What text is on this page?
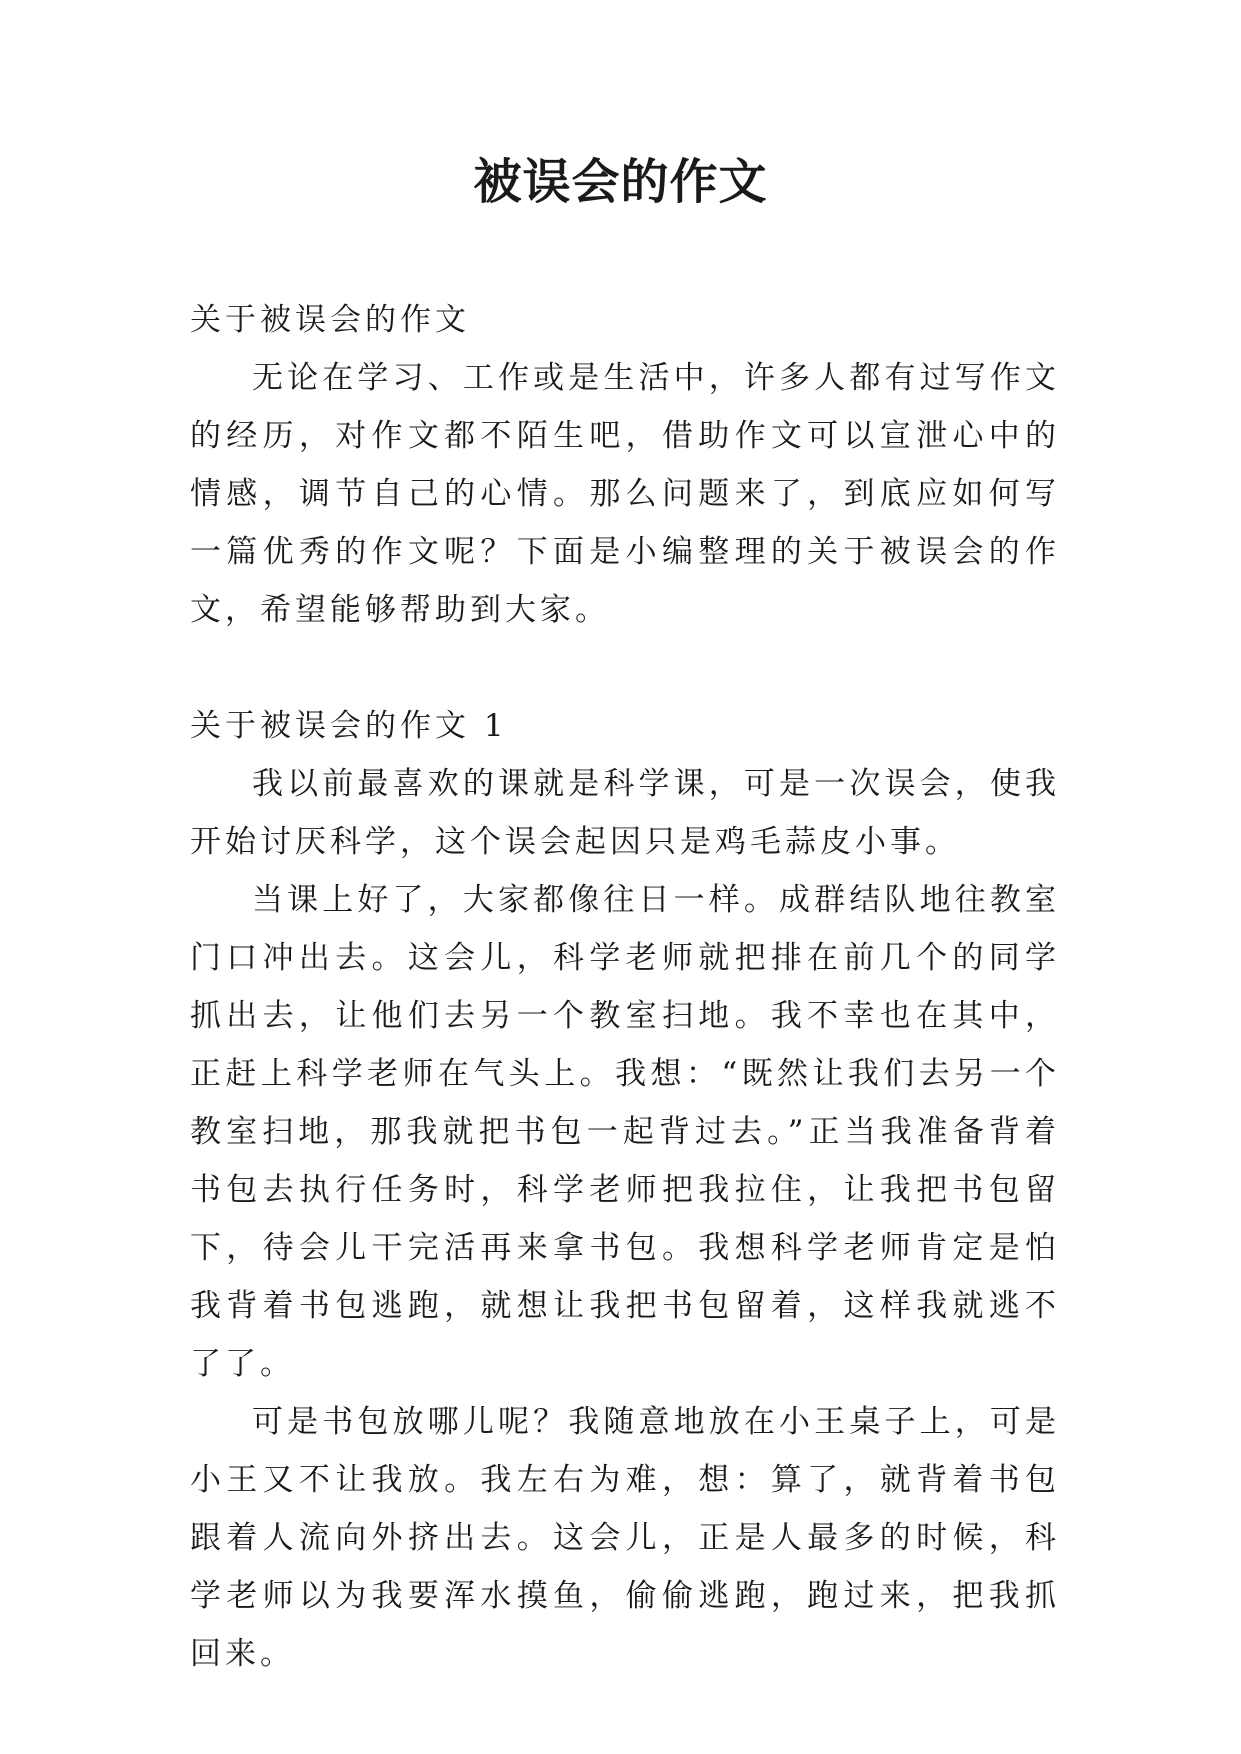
被误会的作文

关于被误会的作文

无论在学习、工作或是生活中，许多人都有过写作文的经历，对作文都不陌生吧，借助作文可以宣泄心中的情感，调节自己的心情。那么问题来了，到底应如何写一篇优秀的作文呢？下面是小编整理的关于被误会的作文，希望能够帮助到大家。

关于被误会的作文 1

我以前最喜欢的课就是科学课，可是一次误会，使我开始讨厌科学，这个误会起因只是鸡毛蒜皮小事。

当课上好了，大家都像往日一样。成群结队地往教室门口冲出去。这会儿，科学老师就把排在前几个的同学抓出去，让他们去另一个教室扫地。我不幸也在其中，正赶上科学老师在气头上。我想：“既然让我们去另一个教室扫地，那我就把书包一起背过去。”正当我准备背着书包去执行任务时，科学老师把我拉住，让我把书包留下，待会儿干完活再来拿书包。我想科学老师肯定是怕我背着书包逃跑，就想让我把书包留着，这样我就逃不了了。

可是书包放哪儿呢？我随意地放在小王桌子上，可是小王又不让我放。我左右为难，想：算了，就背着书包跟着人流向外挤出去。这会儿，正是人最多的时候，科学老师以为我要浑水摸鱼，偷偷逃跑，跑过来，把我抓回来。
